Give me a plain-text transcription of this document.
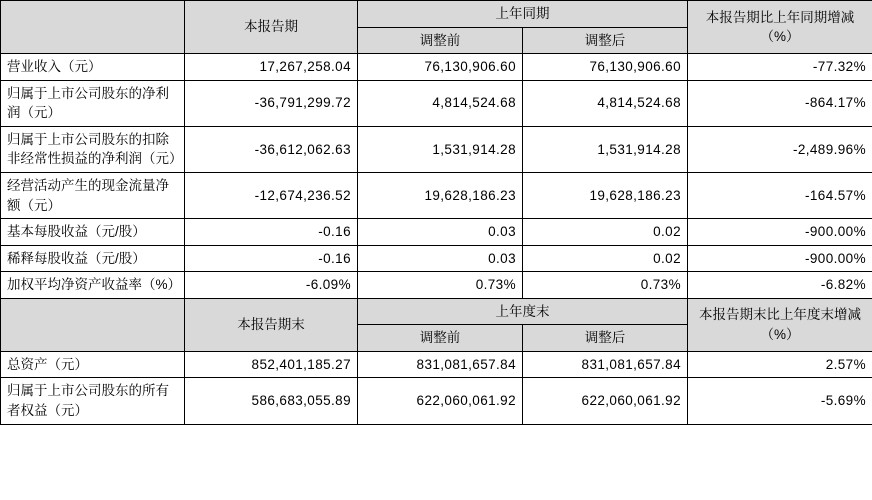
	本报告期	上年同期		本报告期比上年同期增减（%）
		调整前	调整后	
营业收入（元）	17,267,258.04	76,130,906.60	76,130,906.60	-77.32%
归属于上市公司股东的净利润（元）	-36,791,299.72	4,814,524.68	4,814,524.68	-864.17%
归属于上市公司股东的扣除非经常性损益的净利润（元）	-36,612,062.63	1,531,914.28	1,531,914.28	-2,489.96%
经营活动产生的现金流量净额（元）	-12,674,236.52	19,628,186.23	19,628,186.23	-164.57%
基本每股收益（元/股）	-0.16	0.03	0.02	-900.00%
稀释每股收益（元/股）	-0.16	0.03	0.02	-900.00%
加权平均净资产收益率（%）	-6.09%	0.73%	0.73%	-6.82%
	本报告期末	上年度末		本报告期末比上年度末增减（%）
		调整前	调整后	
总资产（元）	852,401,185.27	831,081,657.84	831,081,657.84	2.57%
归属于上市公司股东的所有者权益（元）	586,683,055.89	622,060,061.92	622,060,061.92	-5.69%
